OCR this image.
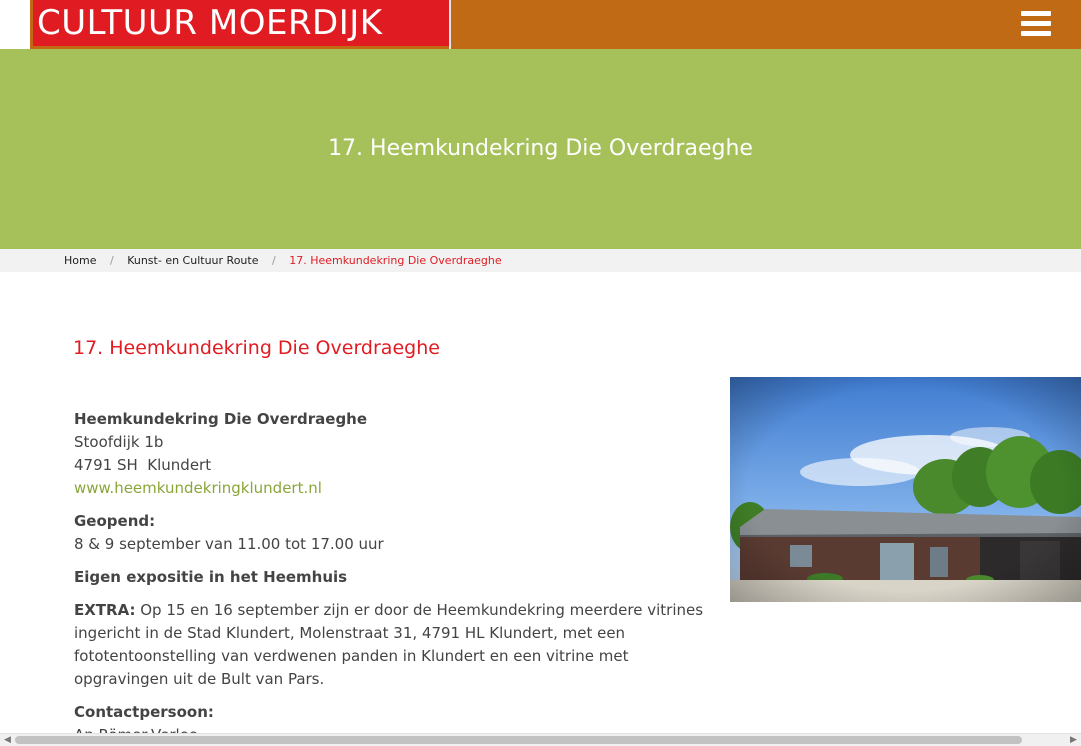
CULTUUR MOERDIJK
17. Heemkundekring Die Overdraeghe
Home / Kunst- en Cultuur Route / 17. Heemkundekring Die Overdraeghe
17. Heemkundekring Die Overdraeghe

Heemkundekring Die Overdraeghe
Stoofdijk 1b
4791 SH  Klundert
www.heemkundekringklundert.nl

Geopend:
8 & 9 september van 11.00 tot 17.00 uur

Eigen expositie in het Heemhuis

EXTRA: Op 15 en 16 september zijn er door de Heemkundekring meerdere vitrines ingericht in de Stad Klundert, Molenstraat 31, 4791 HL Klundert, met een fototentoonstelling van verdwenen panden in Klundert en een vitrine met opgravingen uit de Bult van Pars.

Contactpersoon:

◀	▶
